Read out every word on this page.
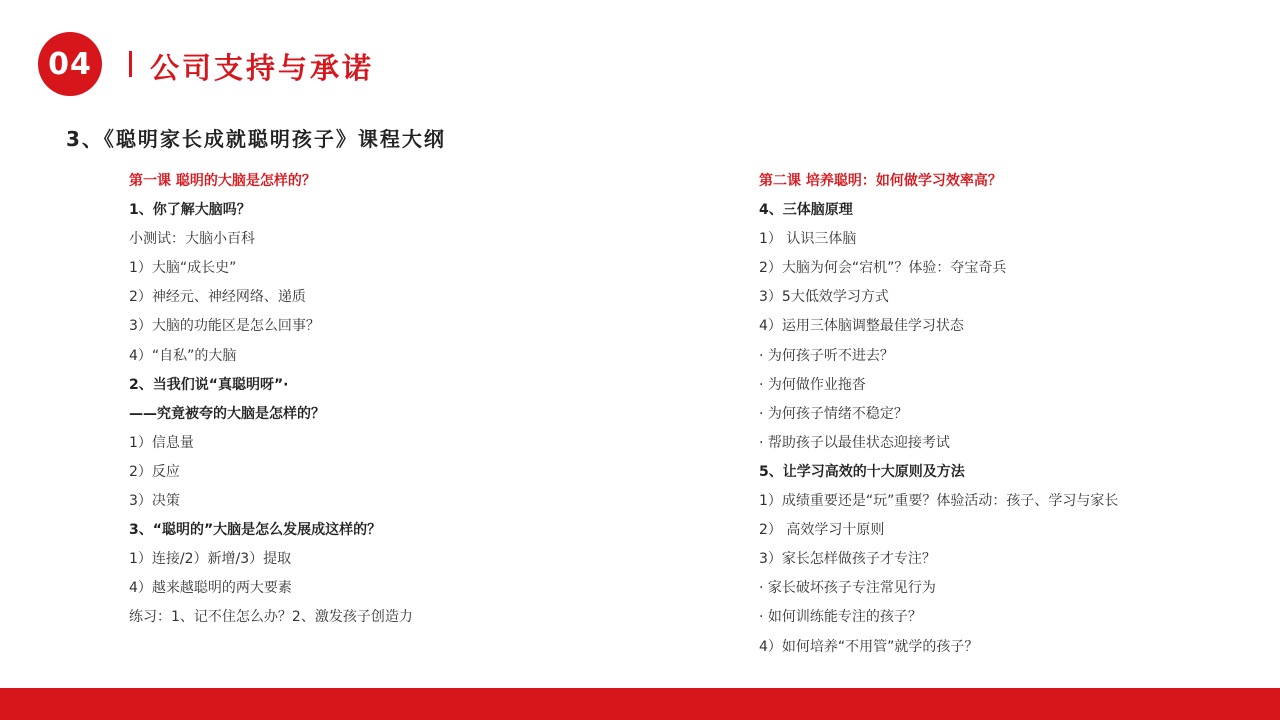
04 公司支持与承诺
3、《聪明家长成就聪明孩子》课程大纲
第一课 聪明的大脑是怎样的？
1、你了解大脑吗？
小测试：大脑小百科
1）大脑“成长史”
2）神经元、神经网络、递质
3）大脑的功能区是怎么回事？
4）“自私”的大脑
2、当我们说“真聪明呀”·
——究竟被夸的大脑是怎样的？
1）信息量
2）反应
3）决策
3、“聪明的”大脑是怎么发展成这样的？
1）连接/2）新增/3）提取
4）越来越聪明的两大要素
练习：1、记不住怎么办？2、激发孩子创造力
第二课 培养聪明：如何做学习效率高？
4、三体脑原理
1） 认识三体脑
2）大脑为何会“宕机”？体验：夺宝奇兵
3）5大低效学习方式
4）运用三体脑调整最佳学习状态
· 为何孩子听不进去？
· 为何做作业拖沓
· 为何孩子情绪不稳定？
· 帮助孩子以最佳状态迎接考试
5、让学习高效的十大原则及方法
1）成绩重要还是“玩”重要？体验活动：孩子、学习与家长
2） 高效学习十原则
3）家长怎样做孩子才专注？
· 家长破坏孩子专注常见行为
· 如何训练能专注的孩子？
4）如何培养“不用管”就学的孩子？
